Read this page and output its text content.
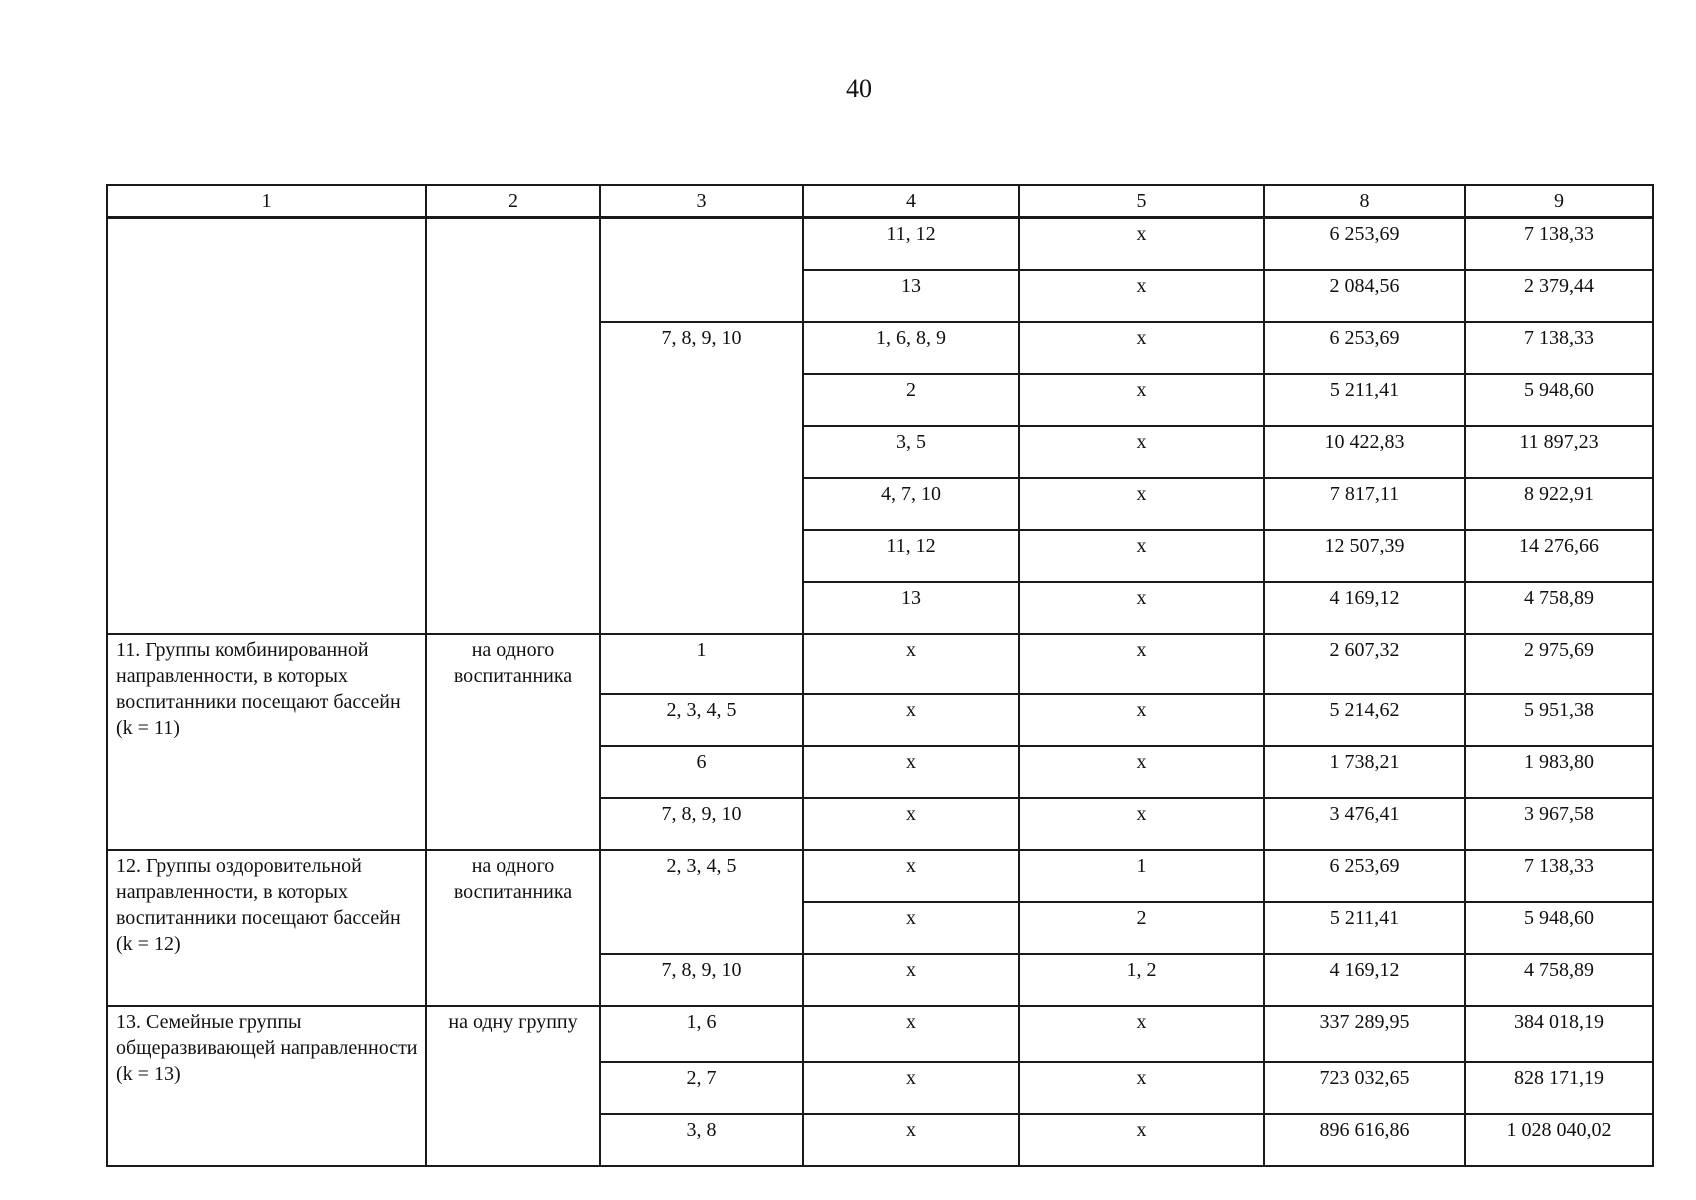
40
1	2	3	4	5	8	9
			11, 12	х	6 253,69	7 138,33
			13	х	2 084,56	2 379,44
		7, 8, 9, 10	1, 6, 8, 9	х	6 253,69	7 138,33
			2	х	5 211,41	5 948,60
			3, 5	х	10 422,83	11 897,23
			4, 7, 10	х	7 817,11	8 922,91
			11, 12	х	12 507,39	14 276,66
			13	х	4 169,12	4 758,89
11. Группы комбинированной направленности, в которых воспитанники посещают бассейн (k = 11)	на одного воспитанника	1	х	х	2 607,32	2 975,69
		2, 3, 4, 5	х	х	5 214,62	5 951,38
		6	х	х	1 738,21	1 983,80
		7, 8, 9, 10	х	х	3 476,41	3 967,58
12. Группы оздоровительной направленности, в которых воспитанники посещают бассейн (k = 12)	на одного воспитанника	2, 3, 4, 5	х	1	6 253,69	7 138,33
			х	2	5 211,41	5 948,60
		7, 8, 9, 10	х	1, 2	4 169,12	4 758,89
13. Семейные группы общеразвивающей направленности (k = 13)	на одну группу	1, 6	х	х	337 289,95	384 018,19
		2, 7	х	х	723 032,65	828 171,19
		3, 8	х	х	896 616,86	1 028 040,02
